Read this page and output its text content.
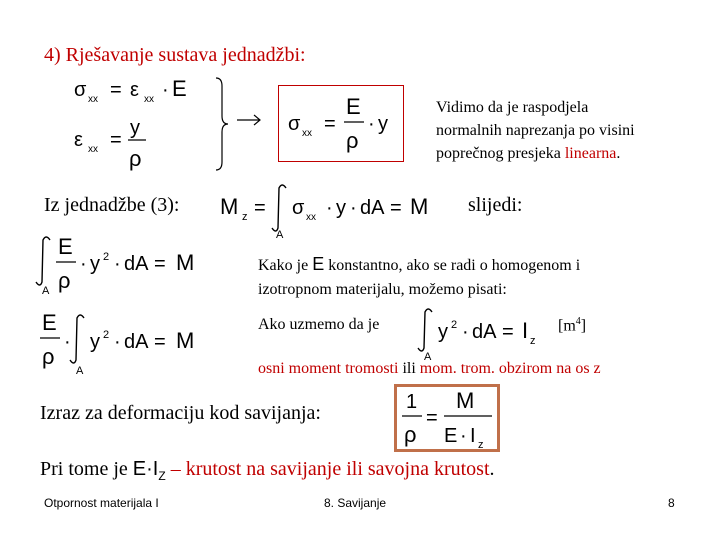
4) Rješavanje sustava jednadžbi:
σ xx = ε xx · E
ε xx =
y
ρ
σ xx =
E
ρ
· y
Vidimo da je raspodjela
normalnih naprezanja po visini
poprečnog presjeka linearna.
Iz jednadžbe (3): M z =
A
σ xx · y · dA = M slijedi:
A
E
ρ
· y 2 · dA = M	Kako je E konstantno, ako se radi o homogenom i
izotropnom materijalu, možemo pisati:
E
ρ
·
A
y 2 · dA = M
Ako uzmemo da je
A
y 2 · dA = I z
$[m^4]$
osni moment tromosti ili mom. trom. obzirom na os z
Izraz za deformaciju kod savijanja:	1
ρ
=
M
E · I z
Pri tome je $E\cdot I_Z$ – krutost na savijanje ili savojna krutost.
Otpornost materijala I	8. Savijanje	8
